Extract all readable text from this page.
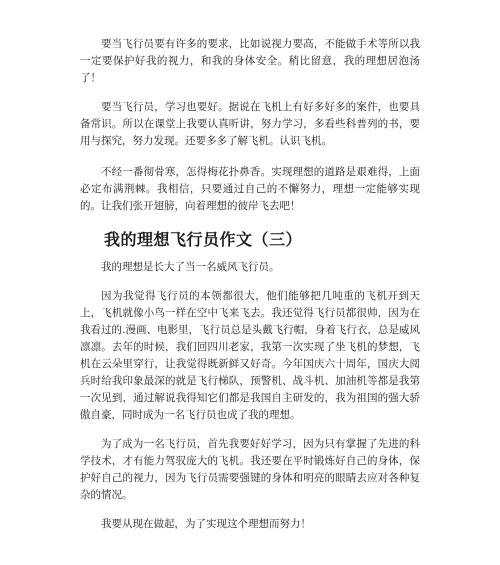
要当飞行员要有许多的要求，比如说视力要高，不能做手术等所以我一定要保护好我的视力，和我的身体安全。稍比留意，我的理想居泡汤了！

要当飞行员，学习也要好。据说在飞机上有好多好多的案件，也要具备常识。所以在课堂上我要认真听讲，努力学习，多看些科普列的书，要用与探究，努力发现。还要多多了解飞机。认识飞机。

不经一番彻骨寒，怎得梅花扑鼻香。实现理想的道路是艰难得，上面必定布满荆棘。我相信，只要通过自己的不懈努力，理想一定能够实现的。让我们张开翅膀，向着理想的彼岸飞去吧！

我的理想飞行员作文（三）

我的理想是长大了当一名威风飞行员。

因为我觉得飞行员的本领都很大，他们能够把几吨重的飞机开到天上，飞机就像小鸟一样在空中飞来飞去。我还觉得飞行员都很帅，因为在我看过的.漫画、电影里，飞行员总是头戴飞行帽，身着飞行衣，总是威风凛凛。去年的时候，我们回四川老家，我第一次实现了坐飞机的梦想，飞机在云朵里穿行，让我觉得既新鲜又好奇。今年国庆六十周年，国庆大阅兵时给我印象最深的就是飞行梯队，预警机、战斗机、加油机等都是我第一次见到，通过解说我得知它们都是我国自主研发的，我为祖国的强大骄傲自豪，同时成为一名飞行员也成了我的理想。

为了成为一名飞行员，首先我要好好学习，因为只有掌握了先进的科学技术，才有能力驾驭庞大的飞机。我还要在平时锻炼好自己的身体，保护好自己的视力，因为飞行员需要强键的身体和明亮的眼睛去应对各种复杂的情况。

我要从现在做起，为了实现这个理想而努力！
